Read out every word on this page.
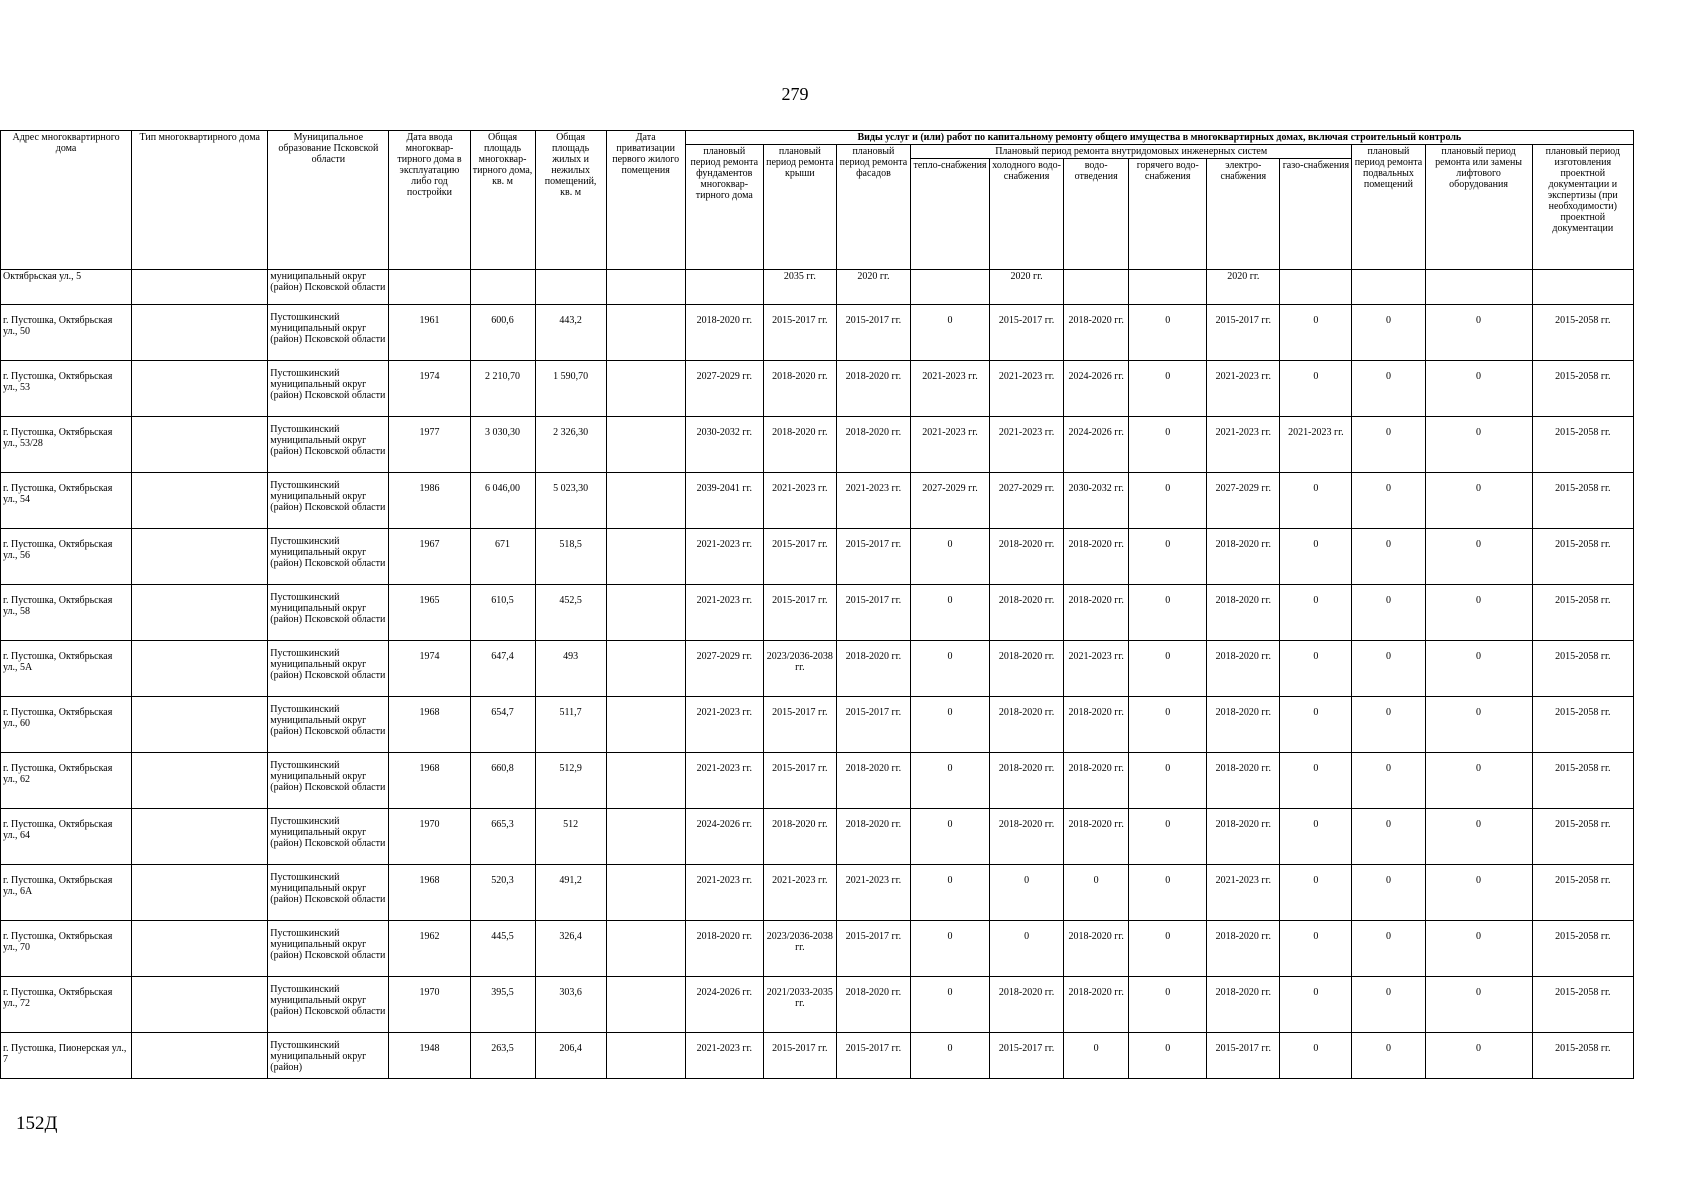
279
Адрес многоквартирного дома	Тип многоквартирного дома	Муниципальное образование Псковской области	Дата ввода многоквар-тирного дома в эксплуатацию либо год постройки	Общая площадь многоквар-тирного дома, кв. м	Общая площадь жилых и нежилых помещений, кв. м	Дата приватизации первого жилого помещения	Виды услуг и (или) работ по капитальному ремонту общего имущества в многоквартирных домах, включая строительный контроль											
							плановый период ремонта фундаментов многоквар-тирного дома	плановый период ремонта крыши	плановый период ремонта фасадов	Плановый период ремонта внутридомовых инженерных систем						плановый период ремонта подвальных помещений	плановый период ремонта или замены лифтового оборудования	плановый период изготовления проектной документации и экспертизы (при необходимости) проектной документации
										тепло-снабжения	холодного водо-снабжения	водо-отведения	горячего водо-снабжения	электро-снабжения	газо-снабжения			
Октябрьская ул., 5		муниципальный округ (район) Псковской области						2035 гг.	2020 гг.		2020 гг.			2020 гг.				
г. Пустошка, Октябрьская ул., 50		Пустошкинский муниципальный округ (район) Псковской области	1961	600,6	443,2		2018-2020 гг.	2015-2017 гг.	2015-2017 гг.	0	2015-2017 гг.	2018-2020 гг.	0	2015-2017 гг.	0	0	0	2015-2058 гг.
г. Пустошка, Октябрьская ул., 53		Пустошкинский муниципальный округ (район) Псковской области	1974	2 210,70	1 590,70		2027-2029 гг.	2018-2020 гг.	2018-2020 гг.	2021-2023 гг.	2021-2023 гг.	2024-2026 гг.	0	2021-2023 гг.	0	0	0	2015-2058 гг.
г. Пустошка, Октябрьская ул., 53/28		Пустошкинский муниципальный округ (район) Псковской области	1977	3 030,30	2 326,30		2030-2032 гг.	2018-2020 гг.	2018-2020 гг.	2021-2023 гг.	2021-2023 гг.	2024-2026 гг.	0	2021-2023 гг.	2021-2023 гг.	0	0	2015-2058 гг.
г. Пустошка, Октябрьская ул., 54		Пустошкинский муниципальный округ (район) Псковской области	1986	6 046,00	5 023,30		2039-2041 гг.	2021-2023 гг.	2021-2023 гг.	2027-2029 гг.	2027-2029 гг.	2030-2032 гг.	0	2027-2029 гг.	0	0	0	2015-2058 гг.
г. Пустошка, Октябрьская ул., 56		Пустошкинский муниципальный округ (район) Псковской области	1967	671	518,5		2021-2023 гг.	2015-2017 гг.	2015-2017 гг.	0	2018-2020 гг.	2018-2020 гг.	0	2018-2020 гг.	0	0	0	2015-2058 гг.
г. Пустошка, Октябрьская ул., 58		Пустошкинский муниципальный округ (район) Псковской области	1965	610,5	452,5		2021-2023 гг.	2015-2017 гг.	2015-2017 гг.	0	2018-2020 гг.	2018-2020 гг.	0	2018-2020 гг.	0	0	0	2015-2058 гг.
г. Пустошка, Октябрьская ул., 5А		Пустошкинский муниципальный округ (район) Псковской области	1974	647,4	493		2027-2029 гг.	2023/2036-2038 гг.	2018-2020 гг.	0	2018-2020 гг.	2021-2023 гг.	0	2018-2020 гг.	0	0	0	2015-2058 гг.
г. Пустошка, Октябрьская ул., 60		Пустошкинский муниципальный округ (район) Псковской области	1968	654,7	511,7		2021-2023 гг.	2015-2017 гг.	2015-2017 гг.	0	2018-2020 гг.	2018-2020 гг.	0	2018-2020 гг.	0	0	0	2015-2058 гг.
г. Пустошка, Октябрьская ул., 62		Пустошкинский муниципальный округ (район) Псковской области	1968	660,8	512,9		2021-2023 гг.	2015-2017 гг.	2018-2020 гг.	0	2018-2020 гг.	2018-2020 гг.	0	2018-2020 гг.	0	0	0	2015-2058 гг.
г. Пустошка, Октябрьская ул., 64		Пустошкинский муниципальный округ (район) Псковской области	1970	665,3	512		2024-2026 гг.	2018-2020 гг.	2018-2020 гг.	0	2018-2020 гг.	2018-2020 гг.	0	2018-2020 гг.	0	0	0	2015-2058 гг.
г. Пустошка, Октябрьская ул., 6А		Пустошкинский муниципальный округ (район) Псковской области	1968	520,3	491,2		2021-2023 гг.	2021-2023 гг.	2021-2023 гг.	0	0	0	0	2021-2023 гг.	0	0	0	2015-2058 гг.
г. Пустошка, Октябрьская ул., 70		Пустошкинский муниципальный округ (район) Псковской области	1962	445,5	326,4		2018-2020 гг.	2023/2036-2038 гг.	2015-2017 гг.	0	0	2018-2020 гг.	0	2018-2020 гг.	0	0	0	2015-2058 гг.
г. Пустошка, Октябрьская ул., 72		Пустошкинский муниципальный округ (район) Псковской области	1970	395,5	303,6		2024-2026 гг.	2021/2033-2035 гг.	2018-2020 гг.	0	2018-2020 гг.	2018-2020 гг.	0	2018-2020 гг.	0	0	0	2015-2058 гг.
г. Пустошка, Пионерская ул., 7		Пустошкинский муниципальный округ (район)	1948	263,5	206,4		2021-2023 гг.	2015-2017 гг.	2015-2017 гг.	0	2015-2017 гг.	0	0	2015-2017 гг.	0	0	0	2015-2058 гг.
152Д
